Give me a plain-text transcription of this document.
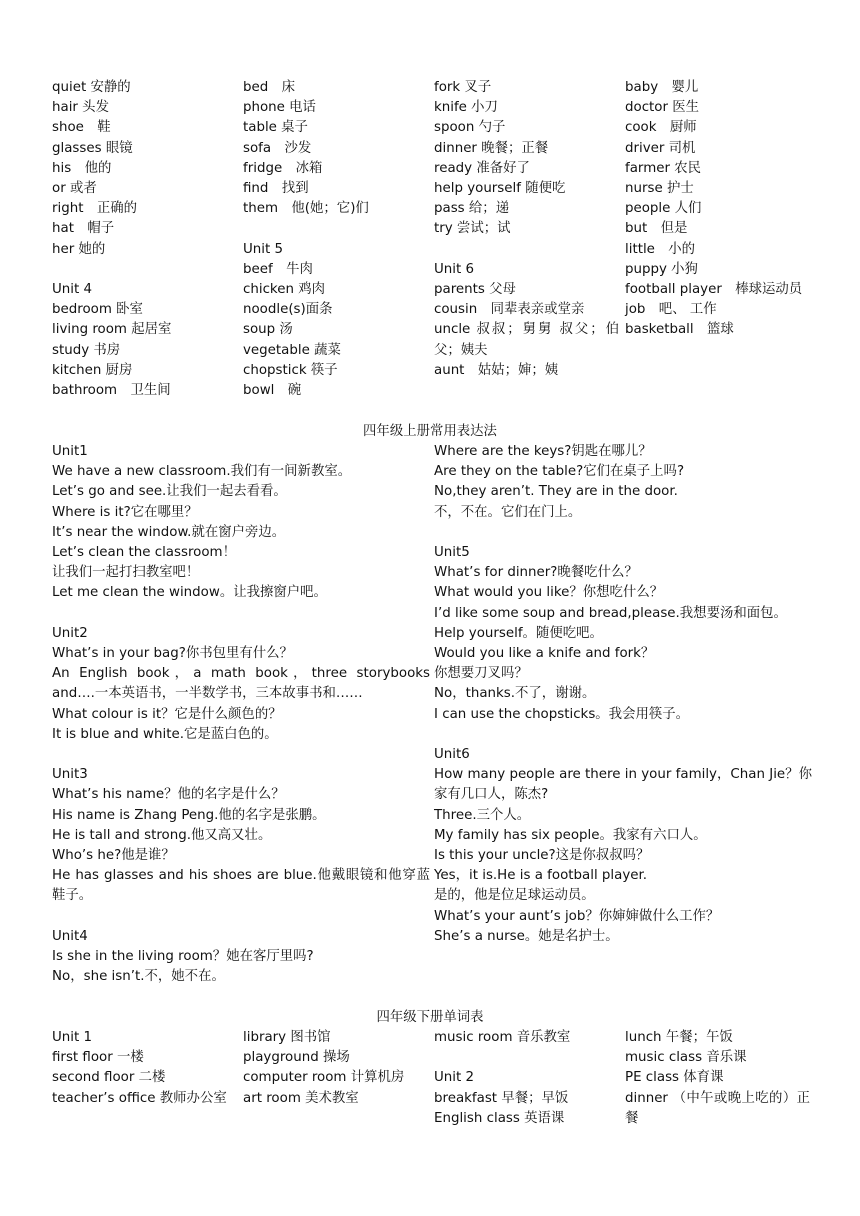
quiet 安静的
hair 头发
shoe　鞋
glasses 眼镜
his　他的
or 或者
right　正确的
hat　帽子
her 她的
Unit 4
bedroom 卧室
living room 起居室
study 书房
kitchen 厨房
bathroom　卫生间
bed　床
phone 电话
table 桌子
sofa　沙发
fridge　冰箱
find　找到
them　他(她；它)们
Unit 5
beef　牛肉
chicken 鸡肉
noodle(s)面条
soup 汤
vegetable 蔬菜
chopstick 筷子
bowl　碗
fork 叉子
knife 小刀
spoon 勺子
dinner 晚餐；正餐
ready 准备好了
help yourself 随便吃
pass 给；递
try 尝试；试
Unit 6
parents 父母
cousin　同辈表亲或堂亲
uncle 叔叔；舅舅 叔父；伯父；姨夫
aunt　姑姑；婶；姨
baby　婴儿
doctor 医生
cook　厨师
driver 司机
farmer 农民
nurse 护士
people 人们
but　但是
little　小的
puppy 小狗
football player　棒球运动员
job　吧、 工作
basketball　篮球
四年级上册常用表达法
Unit1
We have a new classroom.我们有一间新教室。
Let’s go and see.让我们一起去看看。
Where is it?它在哪里？
It’s near the window.就在窗户旁边。
Let’s clean the classroom！
让我们一起打扫教室吧！
Let me clean the window。让我擦窗户吧。
Unit2
What’s in your bag?你书包里有什么？
An English book，a math book，three storybooks and….一本英语书，一半数学书，三本故事书和……
What colour is it？它是什么颜色的？
It is blue and white.它是蓝白色的。
Unit3
What’s his name？他的名字是什么？
His name is Zhang Peng.他的名字是张鹏。
He is tall and strong.他又高又壮。
Who’s he?他是谁？
He has glasses and his shoes are blue.他戴眼镜和他穿蓝鞋子。
Unit4
Is she in the living room？她在客厅里吗?
No，she isn’t.不，她不在。
Where are the keys?钥匙在哪儿？
Are they on the table?它们在桌子上吗?
No,they aren’t. They are in the door.
不，不在。它们在门上。
Unit5
What’s for dinner?晚餐吃什么？
What would you like？你想吃什么？
I’d like some soup and bread,please.我想要汤和面包。
Help yourself。随便吃吧。
Would you like a knife and fork？
你想要刀叉吗？
No，thanks.不了，谢谢。
I can use the chopsticks。我会用筷子。
Unit6
How many people are there in your family，Chan Jie？你家有几口人，陈杰?
Three.三个人。
My family has six people。我家有六口人。
Is this your uncle?这是你叔叔吗？
Yes，it is.He is a football player.
是的，他是位足球运动员。
What’s your aunt’s job？你婶婶做什么工作？
She’s a nurse。她是名护士。
四年级下册单词表
Unit 1
first floor 一楼
second floor 二楼
teacher’s office 教师办公室
library 图书馆
playground 操场
computer room 计算机房
art room 美术教室
music room 音乐教室
Unit 2
breakfast 早餐；早饭
English class 英语课
lunch 午餐；午饭
music class 音乐课
PE class 体育课
dinner （中午或晚上吃的）正餐
